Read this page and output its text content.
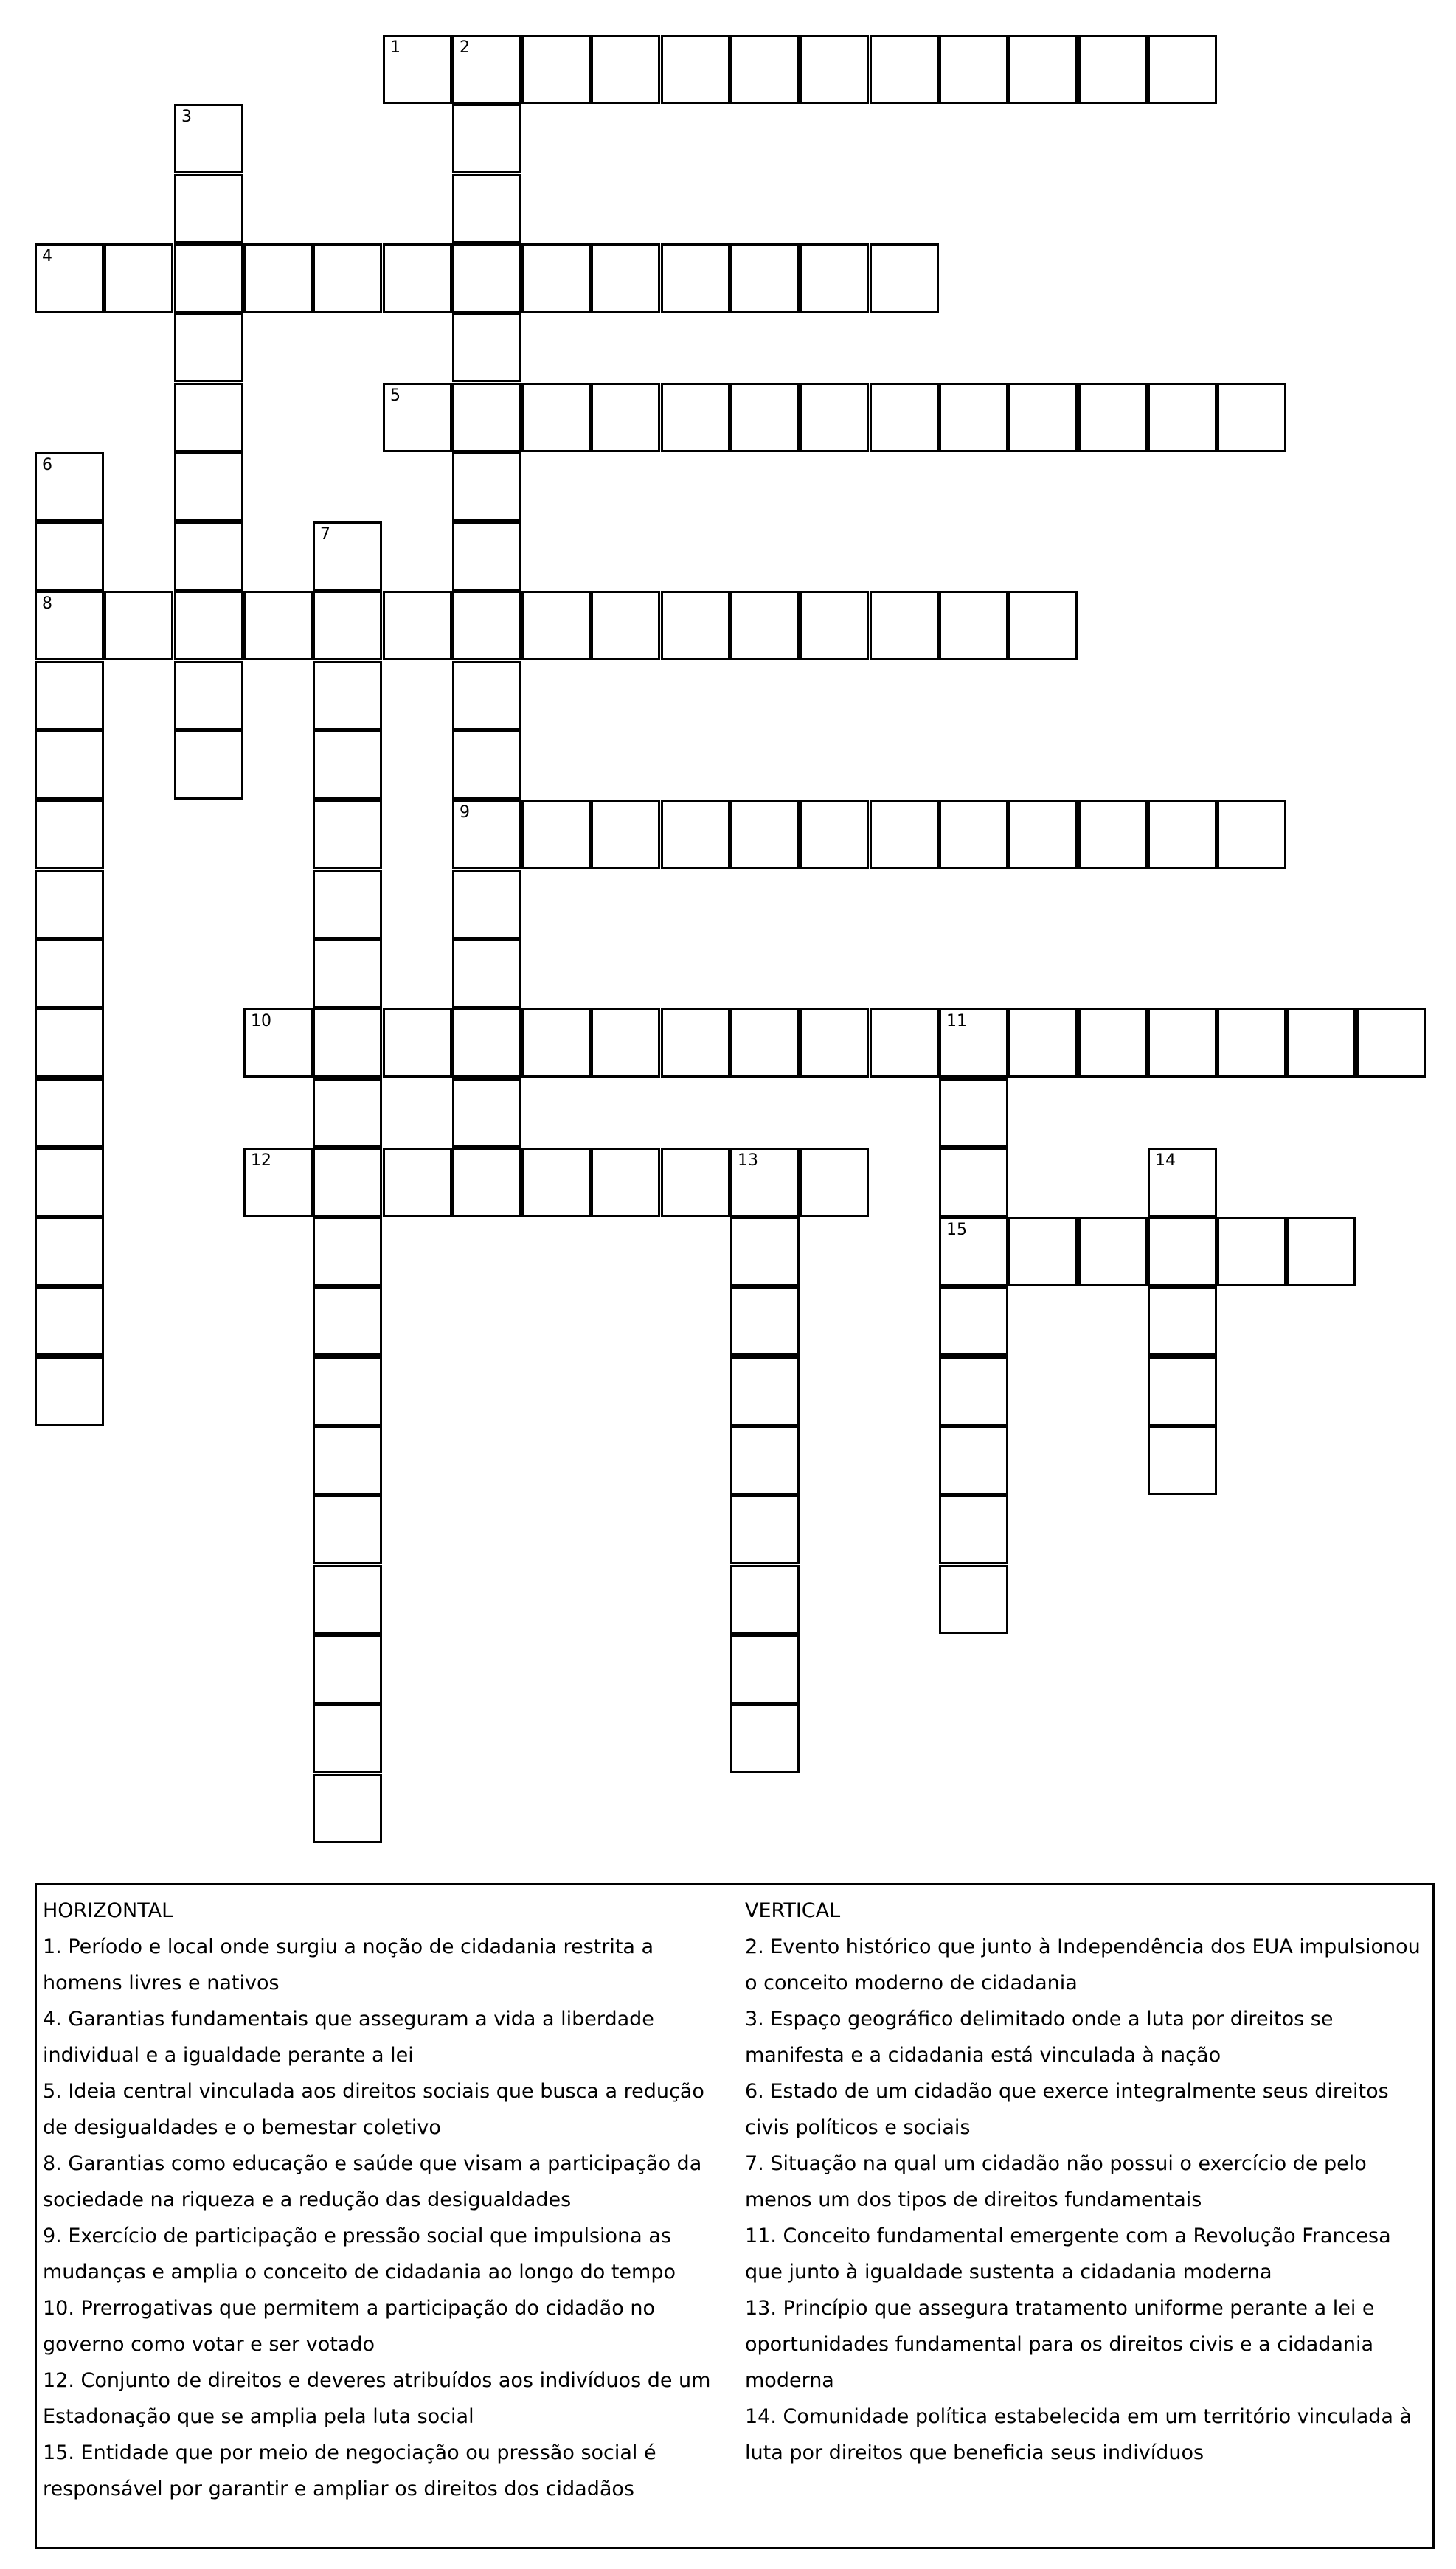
1	2
9
3
4
5
6
8
7
10	11
15
12	13	14
HORIZONTAL
1. Período e local onde surgiu a noção de cidadania restrita a homens livres e nativos
4. Garantias fundamentais que asseguram a vida a liberdade individual e a igualdade perante a lei
5. Ideia central vinculada aos direitos sociais que busca a redução de desigualdades e o bemestar coletivo
8. Garantias como educação e saúde que visam a participação da sociedade na riqueza e a redução das desigualdades
9. Exercício de participação e pressão social que impulsiona as mudanças e amplia o conceito de cidadania ao longo do tempo
10. Prerrogativas que permitem a participação do cidadão no governo como votar e ser votado
12. Conjunto de direitos e deveres atribuídos aos indivíduos de um Estadonação que se amplia pela luta social
15. Entidade que por meio de negociação ou pressão social é responsável por garantir e ampliar os direitos dos cidadãos
VERTICAL
2. Evento histórico que junto à Independência dos EUA impulsionou o conceito moderno de cidadania
3. Espaço geográfico delimitado onde a luta por direitos se manifesta e a cidadania está vinculada à nação
6. Estado de um cidadão que exerce integralmente seus direitos civis políticos e sociais
7. Situação na qual um cidadão não possui o exercício de pelo menos um dos tipos de direitos fundamentais
11. Conceito fundamental emergente com a Revolução Francesa que junto à igualdade sustenta a cidadania moderna
13. Princípio que assegura tratamento uniforme perante a lei e oportunidades fundamental para os direitos civis e a cidadania moderna
14. Comunidade política estabelecida em um território vinculada à luta por direitos que beneficia seus indivíduos
